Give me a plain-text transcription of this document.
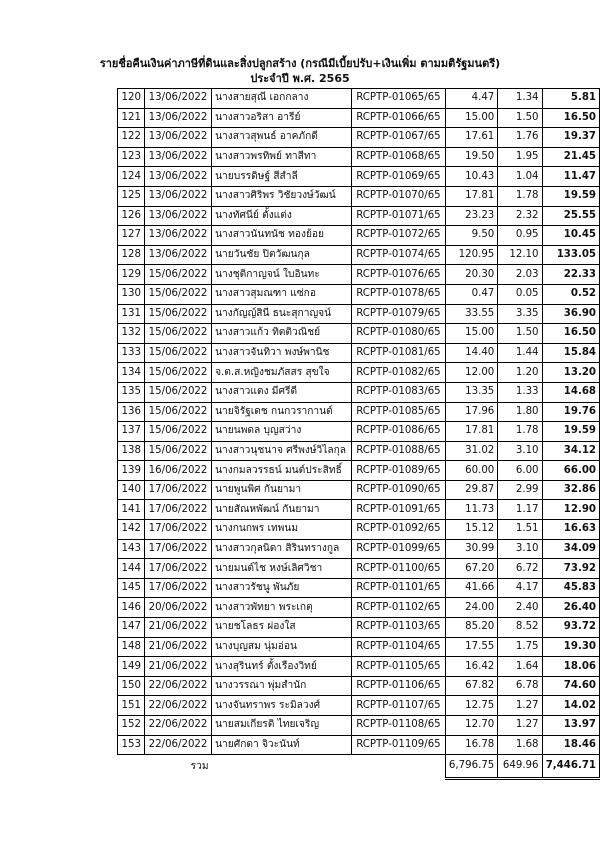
รายชื่อคืนเงินค่าภาษีที่ดินและสิ่งปลูกสร้าง (กรณีมีเบี้ยปรับ+เงินเพิ่ม ตามมติรัฐมนตรี)
ประจำปี พ.ศ. 2565
120	13/06/2022	นางสายสุณี เอกกลาง	RCPTP-01065/65	4.47	1.34	5.81
121	13/06/2022	นางสาวอริสา อารีย์	RCPTP-01066/65	15.00	1.50	16.50
122	13/06/2022	นางสาวสุพนธ์ อาคภักดี	RCPTP-01067/65	17.61	1.76	19.37
123	13/06/2022	นางสาวพรทิพย์ ทาสีทา	RCPTP-01068/65	19.50	1.95	21.45
124	13/06/2022	นายบรรดิษฐ์ สีสำลี	RCPTP-01069/65	10.43	1.04	11.47
125	13/06/2022	นางสาวศิริพร วิชัยวงษ์วัฒน์	RCPTP-01070/65	17.81	1.78	19.59
126	13/06/2022	นางทัศนีย์ ตั้งแต่ง	RCPTP-01071/65	23.23	2.32	25.55
127	13/06/2022	นางสาวนันทนัช ทองย้อย	RCPTP-01072/65	9.50	0.95	10.45
128	13/06/2022	นายวันชัย ปิตวัฒนกุล	RCPTP-01074/65	120.95	12.10	133.05
129	15/06/2022	นางชุติกาญจน์ ใบอินทะ	RCPTP-01076/65	20.30	2.03	22.33
130	15/06/2022	นางสาวสุมณฑา แซ่กอ	RCPTP-01078/65	0.47	0.05	0.52
131	15/06/2022	นางกัญญ์สินี ธนะสุกาญจน์	RCPTP-01079/65	33.55	3.35	36.90
132	15/06/2022	นางสาวแก้ว ทิตติวณิชย์	RCPTP-01080/65	15.00	1.50	16.50
133	15/06/2022	นางสาวจันทิวา พงษ์พานิช	RCPTP-01081/65	14.40	1.44	15.84
134	15/06/2022	จ.ต.ส.หญิงชมภัสสร สุขใจ	RCPTP-01082/65	12.00	1.20	13.20
135	15/06/2022	นางสาวแดง มีศรีดี	RCPTP-01083/65	13.35	1.33	14.68
136	15/06/2022	นายจิรัฐเดช กนกวรากานต์	RCPTP-01085/65	17.96	1.80	19.76
137	15/06/2022	นายนพดล บุญสว่าง	RCPTP-01086/65	17.81	1.78	19.59
138	15/06/2022	นางสาวนุชนาจ ศรีพงษ์วิไลกุล	RCPTP-01088/65	31.02	3.10	34.12
139	16/06/2022	นางกมลวรรธน์ มนต์ประสิทธิ์	RCPTP-01089/65	60.00	6.00	66.00
140	17/06/2022	นายพูนพิศ กันยามา	RCPTP-01090/65	29.87	2.99	32.86
141	17/06/2022	นายสัณหพัฒน์ กันยามา	RCPTP-01091/65	11.73	1.17	12.90
142	17/06/2022	นางกนกพร เทพนม	RCPTP-01092/65	15.12	1.51	16.63
143	17/06/2022	นางสาวกุลนิดา สิรินทรางกูล	RCPTP-01099/65	30.99	3.10	34.09
144	17/06/2022	นายมนต์ไช หงษ์เลิศวิชา	RCPTP-01100/65	67.20	6.72	73.92
145	17/06/2022	นางสาวรัชนู พันภัย	RCPTP-01101/65	41.66	4.17	45.83
146	20/06/2022	นางสาวพัทยา พระเกตุ	RCPTP-01102/65	24.00	2.40	26.40
147	21/06/2022	นายชโลธร ผ่องใส	RCPTP-01103/65	85.20	8.52	93.72
148	21/06/2022	นางบุญสม นุ่มอ่อน	RCPTP-01104/65	17.55	1.75	19.30
149	21/06/2022	นางสุรินทร์ ตั้งเรืองวิทย์	RCPTP-01105/65	16.42	1.64	18.06
150	22/06/2022	นางวรรณา พุ่มสำนัก	RCPTP-01106/65	67.82	6.78	74.60
151	22/06/2022	นางจันทราพร ระมิลวงศ์	RCPTP-01107/65	12.75	1.27	14.02
152	22/06/2022	นายสมเกียรติ ไทยเจริญ	RCPTP-01108/65	12.70	1.27	13.97
153	22/06/2022	นายศักดา จิวะนันท์	RCPTP-01109/65	16.78	1.68	18.46
	รวม			6,796.75	649.96	7,446.71
